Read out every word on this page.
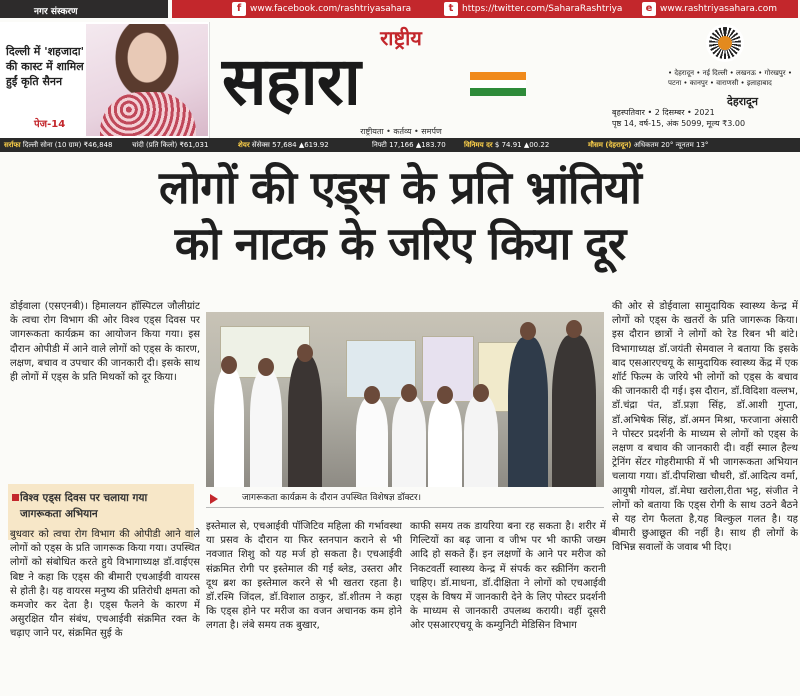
नगर संस्करण	f www.facebook.com/rashtriyasahara	t https://twitter.com/SaharaRashtriya	e www.rashtriyasahara.com
दिल्ली में 'शहजादा' की कास्ट में शामिल हुईं कृति सैनन
पेज-14
राष्ट्रीय
सहारा
राष्ट्रीयता • कर्तव्य • समर्पण
• देहरादून • नई दिल्ली • लखनऊ • गोरखपुर • पटना • कानपुर • वाराणसी • इलाहाबाद
देहरादून
बृहस्पतिवार • 2 दिसम्बर • 2021
पृष्ठ 14, वर्ष-15, अंक 5099, मूल्य ₹3.00
सर्राफा दिल्ली सोना (10 ग्राम) ₹46,848	चांदी (प्रति किलो) ₹61,031	शेयर सेंसेक्स 57,684 ▲619.92	निफ्टी 17,166 ▲183.70	विनिमय दर $ 74.91 ▲00.22	मौसम (देहरादून) अधिकतम 20° न्यूनतम 13°
लोगों की एड्स के प्रति भ्रांतियों
को नाटक के जरिए किया दूर
डोईवाला (एसएनबी)। हिमालयन हॉस्पिटल जौलीग्रांट के त्वचा रोग विभाग की ओर विश्व एड्स दिवस पर जागरूकता कार्यक्रम का आयोजन किया गया। इस दौरान ओपीडी में आने वाले लोगों को एड्स के कारण, लक्षण, बचाव व उपचार की जानकारी दी। इसके साथ ही लोगों में एड्स के प्रति मिथकों को दूर किया।
विश्व एड्स दिवस पर चलाया गया जागरूकता अभियान
बुधवार को त्वचा रोग विभाग की ओपीडी आने वाले लोगों को एड्स के प्रति जागरूक किया गया। उपस्थित लोगों को संबोधित करते हुये विभागाध्यक्ष डॉ.वाईएस बिष्ट ने कहा कि एड्स की बीमारी एचआईवी वायरस से होती है। यह वायरस मनुष्य की प्रतिरोधी क्षमता को कमजोर कर देता है। एड्स फैलने के कारण में असुरक्षित यौन संबंध, एचआईवी संक्रमित रक्त के चढ़ाए जाने पर, संक्रमित सुई के
जागरूकता कार्यक्रम के दौरान उपस्थित विशेषज्ञ डॉक्टर।
इस्तेमाल से, एचआईवी पॉजिटिव महिला की गर्भावस्था या प्रसव के दौरान या फिर स्तनपान कराने से भी नवजात शिशु को यह मर्ज हो सकता है। एचआईवी संक्रमित रोगी पर इस्तेमाल की गई ब्लेड, उस्तरा और दूथ ब्रश का इस्तेमाल करने से भी खतरा रहता है। डॉ.रश्मि जिंदल, डॉ.विशाल ठाकुर, डॉ.शीतम ने कहा कि एड्स होने पर मरीज का वजन अचानक कम होने लगता है। लंबे समय तक बुखार,
काफी समय तक डायरिया बना रह सकता है। शरीर में गिल्टियों का बढ़ जाना व जीभ पर भी काफी जख्म आदि हो सकते हैं। इन लक्षणों के आने पर मरीज को निकटवर्ती स्वास्थ्य केन्द्र में संपर्क कर स्क्रीनिंग करानी चाहिए। डॉ.माधना, डॉ.दीक्षिता ने लोगों को एचआईवी एड्स के विषय में जानकारी देने के लिए पोस्टर प्रदर्शनी के माध्यम से जानकारी उपलब्ध करायी। वहीं दूसरी ओर एसआरएचयू के कम्युनिटी मेडिसिन विभाग
की ओर से डोईवाला सामुदायिक स्वास्थ्य केन्द्र में लोगों को एड्स के खतरों के प्रति जागरूक किया। इस दौरान छात्रों ने लोगों को रेड रिबन भी बांटे। विभागाध्यक्ष डॉ.जयंती सेमवाल ने बताया कि इसके बाद एसआरएचयू के सामुदायिक स्वास्थ्य केंद्र में एक शॉर्ट फिल्म के जरिये भी लोगों को एड्स के बचाव की जानकारी दी गई। इस दौरान, डॉ.विदिशा वल्लभ, डॉ.चंद्रा पंत, डॉ.प्रज्ञा सिंह, डॉ.आशी गुप्ता, डॉ.अभिषेक सिंह, डॉ.अमन मिश्रा, फरजाना अंसारी ने पोस्टर प्रदर्शनी के माध्यम से लोगों को एड्स के लक्षण व बचाव की जानकारी दी। वहीं स्माल हैल्थ ट्रेनिंग सेंटर गोहरीमाफी में भी जागरूकता अभियान चलाया गया। डॉ.दीपशिखा चौधरी, डॉ.आदित्य वर्मा, आयुषी गोयल, डॉ.मेघा खरोला,रीता भट्ट, संजीत ने लोगों को बताया कि एड्स रोगी के साथ उठने बैठने से यह रोग फैलता है,यह बिल्कुल गलत है। यह बीमारी छुआछूत की नहीं है। साथ ही लोगों के विभिन्न सवालों के जवाब भी दिए।
